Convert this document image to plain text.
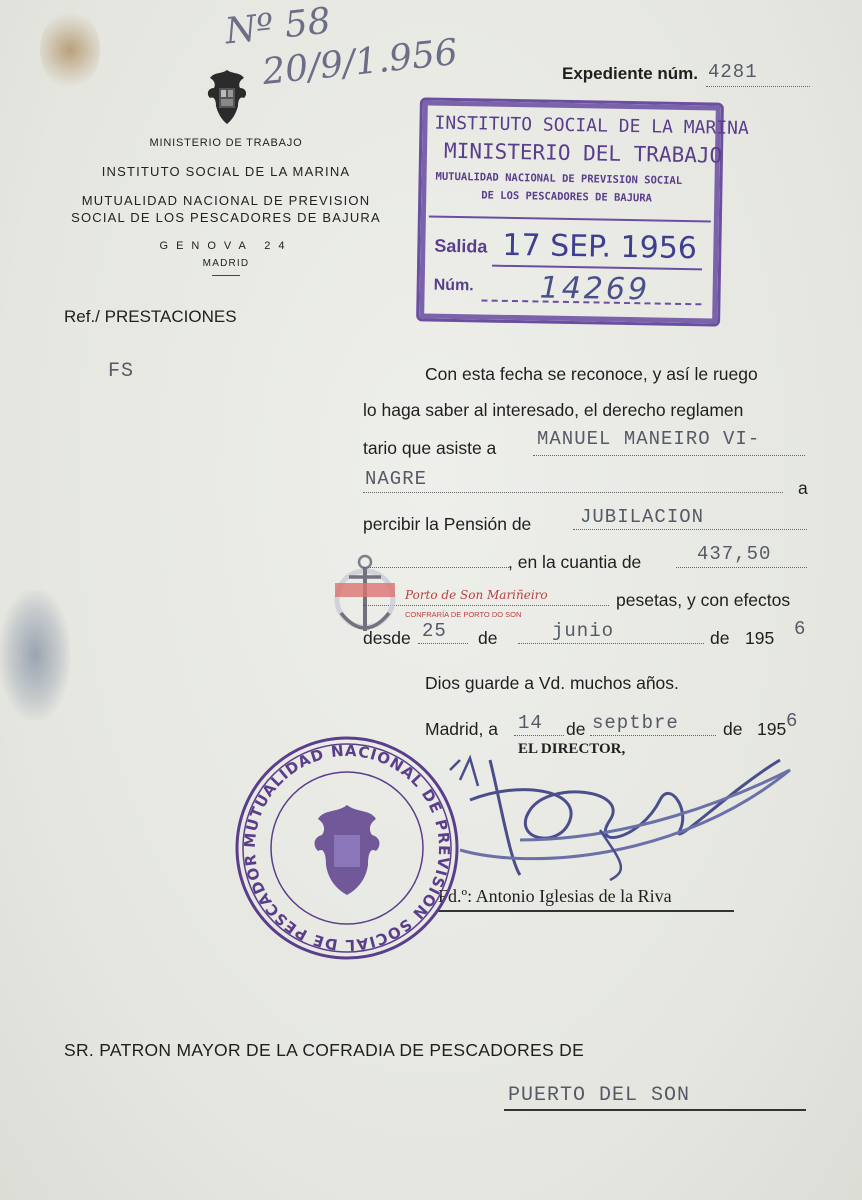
Nº 58
20/9/1.956	Expediente núm. 4281
MINISTERIO DE TRABAJO
INSTITUTO SOCIAL DE LA MARINA
MUTUALIDAD NACIONAL DE PREVISION
SOCIAL DE LOS PESCADORES DE BAJURA
GENOVA 24
MADRID
INSTITUTO SOCIAL DE LA MARINA
MINISTERIO DEL TRABAJO
MUTUALIDAD NACIONAL DE PREVISION SOCIAL
DE LOS PESCADORES DE BAJURA
Salida 17 SEP. 1956
Núm. 14269
Ref./ PRESTACIONES
FS	Con esta fecha se reconoce, y así le ruego
lo haga saber al interesado, el derecho reglamen
tario que asiste a MANUEL MANEIRO VI-
NAGRE	a
percibir la Pensión de	JUBILACION
, en la cuantia de	437,50
pesetas, y con efectos
desde 25 de	junio	de 195 6
Dios guarde a Vd. muchos años.
Madrid, a 14 de septbre	de 195 6
EL DIRECTOR,
Porto de Son Mariñeiro
CONFRARÍA DE PORTO DO SON
Fd.º: Antonio Iglesias de la Riva
MUTUALIDAD NACIONAL DE PREVISION SOCIAL DE PESCADOR
SR. PATRON MAYOR DE LA COFRADIA DE PESCADORES DE
PUERTO DEL SON
